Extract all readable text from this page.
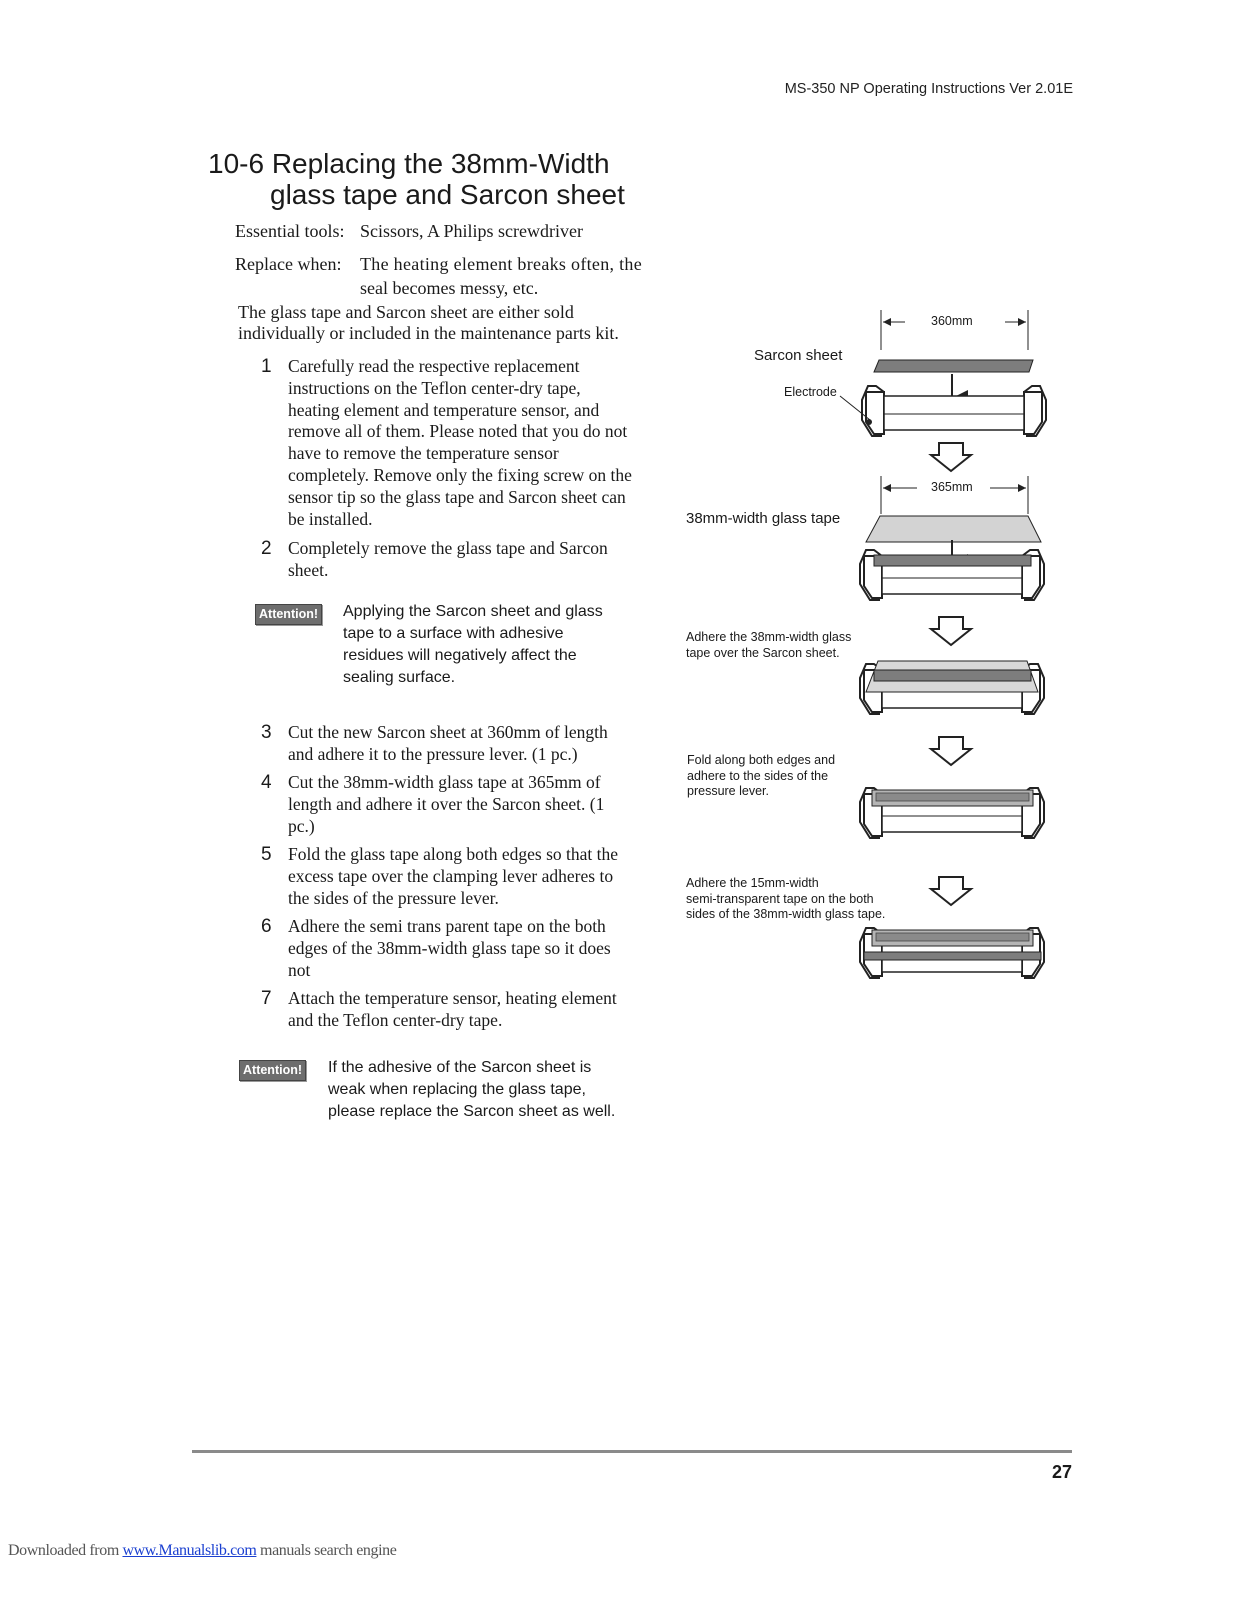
MS-350 NP Operating Instructions Ver 2.01E
10-6 Replacing the 38mm-Width
glass tape and Sarcon sheet
Essential tools: Scissors, A Philips screwdriver
Replace when: The heating element breaks often, the
seal becomes messy, etc.
The glass tape and Sarcon sheet are either sold
individually or included in the maintenance parts kit.
1 Carefully read the respective replacement
instructions on the Teflon center-dry tape,
heating element and temperature sensor, and
remove all of them. Please noted that you do not
have to remove the temperature sensor
completely. Remove only the fixing screw on the
sensor tip so the glass tape and Sarcon sheet can
be installed.
2 Completely remove the glass tape and Sarcon
sheet.
Attention! Applying the Sarcon sheet and glass
tape to a surface with adhesive
residues will negatively affect the
sealing surface.
3 Cut the new Sarcon sheet at 360mm of length
and adhere it to the pressure lever. (1 pc.)
4 Cut the 38mm-width glass tape at 365mm of
length and adhere it over the Sarcon sheet. (1
pc.)
5 Fold the glass tape along both edges so that the
excess tape over the clamping lever adheres to
the sides of the pressure lever.
6 Adhere the semi trans parent tape on the both
edges of the 38mm-width glass tape so it does
not
7 Attach the temperature sensor, heating element
and the Teflon center-dry tape.
Attention! If the adhesive of the Sarcon sheet is
weak when replacing the glass tape,
please replace the Sarcon sheet as well.
360mm
Sarcon sheet
Electrode
365mm
38mm-width glass tape
Adhere the 38mm-width glass
tape over the Sarcon sheet.
Fold along both edges and
adhere to the sides of the
pressure lever.
Adhere the 15mm-width
semi-transparent tape on the both
sides of the 38mm-width glass tape.
27
Downloaded from www.Manualslib.com manuals search engine
